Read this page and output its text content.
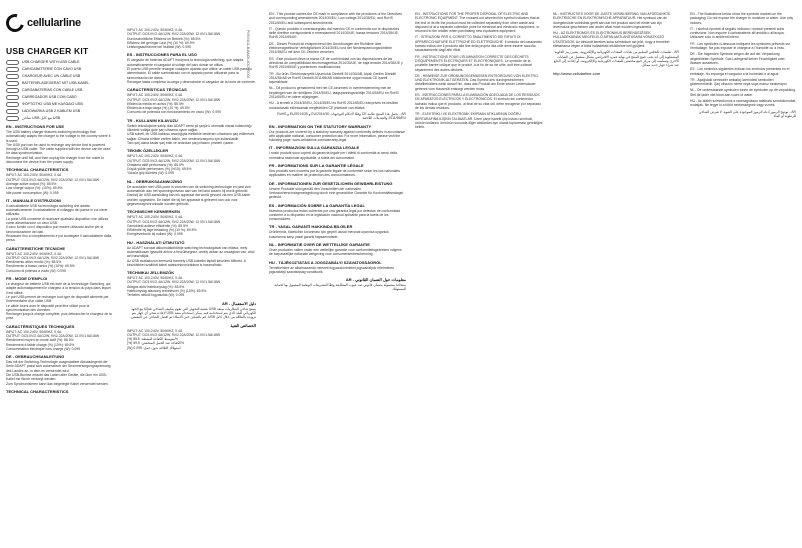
cellularline
USB CHARGER KIT
USB CHARGER WITH USB CABLE
CARICABATTERIE CON CAVO USB
CHARGEUR AVEC UN CÂBLE USB
BATTERIELADEGERÄT MIT USB-KABEL
CARGABATERÍAS CON CABLE USB
CARREGADOR USB COM CABO
ΦΟΡΤΙΣΤΗΣ USB ΜΕ ΚΑΛΩΔΙΟ USB
ŁADOWARKA USB Z KABLEM USB
شاحن USB مع كابل USB
EN - INSTRUCTIONS FOR USE

The USB battery charger features switching technology that automatically adapts the charger to the voltage in the country where it is used.
The USB port can be used to recharge any device that is powered through a USB cable. The cable supplied with the device can be used for data synchronization.
Recharge until full, and then unplug the charger from the outlet to disconnect the device from the power supply.

TECHNICAL CHARACTERISTICS

INPUT: AC 100-240V, 50/60HZ, 0.4A
OUTPUT: DC5.0V/2.4A/12W, 9V/2.22A/20W, 12.0V/1.5A/18W
Average active output (%): 85.5%
Low charge output (%): (10%): 69.5%
Idle power consumption (W): 0.095

IT - MANUALE D'ISTRUZIONI

Il caricabatterie USB ha tecnologia switching che adatta automaticamente il caricabatterie al voltaggio del paese in cui viene utilizzato.
La porta USB consente di ricaricare qualsiasi dispositivo che utilizza come alimentazione un cavo USB.
Il cavo fornito con il dispositivo può essere utilizzato anche per la sincronizzazione dei dati.
Ricaricare fino a completamento e poi scollegare il caricabatterie dalla presa.

CARATTERISTICHE TECNICHE

INPUT: AC 100-240V, 50/60HZ, 0.4A
OUTPUT: DC5.0V/2.4A/12W, 9V/2.22A/20W, 12.0V/1.5A/18W
Rendimento attivo medio (%): 85.5%
Rendimento a basso carico (%) (10%): 69.5%
Consumo di potenza a vuoto (W): 0.095

FR - MODE D'EMPLOI

Le chargeur de batterie USB est doté de la technologie Switching, qui adapte automatiquement le chargeur à la tension du pays dans lequel il est utilisé.
Le port USB permet de recharger tout type de dispositif alimenté par l'intermédiaire d'un câble USB.
Le câble fourni avec le dispositif peut être utilisé pour la synchronisation des données.
Recharger jusqu'à charge complète, puis débrancher le chargeur de la prise.

CARACTÉRISTIQUES TECHNIQUES

INPUT: AC 100-240V, 50/60HZ, 0.4A
OUTPUT: DC5.0V/2.4A/12W, 9V/2.22A/20W, 12.0V/1.5A/18W
Rendement moyen en mode actif (%): 85.5%
Rendement à faible charge (%) (10%): 69.5%
Consommation électrique hors charge (W): 0.095

DE - GEBRAUCHSANLEITUNG

Das mit der Switching-Technologie ausgestattete Akkuladegerät der Serie ADAPT passt sich automatisch der Stromversorgungsspannung des Landes an, in dem es verwendet wird.
Die USB-Buchse erlaubt das Laden aller Geräte, die über ein USB-Kabel mit Strom versorgt werden.
Zum Synchronisieren kann das beigelegte Kabel verwendet werden.

TECHNICAL CHARACTERISTICS
P0900U11-B-BACK-60C/3/0008

INPUT: AC 100-240V, 50/60HZ, 0.4A
OUTPUT: DC5.0V/2.4A/12W, 9V/2.22A/20W, 12.0V/1.5A/18W
Durchschnittliche Effizienz im Betrieb (%): 85.5%
Effizienz bei geringer Last (%) (10 %): 69.5%
Leistungsaufnahme bei Nulllast (W): 0.095

ES - INSTRUCCIONES PARA EL USO

El cargador de baterías ADAPT incorpora la tecnología switching, que adapta automáticamente el cargador al voltaje del país donde se utiliza.
El puerto USB permite recargar cualquier aparato que utilice un cable USB para su alimentación. El cable suministrado con el aparato puede utilizarse para la sincronización de datos.
Recargar hasta completar la carga y desenchufar el cargador de la toma de corriente.

CARACTERÍSTICAS TÉCNICAS

INPUT: AC 100-240V, 50/60HZ, 0.4A
OUTPUT: DC5.0V/2.4A/12W, 9V/2.22A/20W, 12.0V/1.5A/18W
Eficiencia media en activo (%): 85.5%
Eficiencia a baja carga (%) (10 %): 69.5%
Consumo de potencia con funcionamiento en vacío (W): 0.095

TR - KULLANIM KILAVUZU

Switch teknolojisine sahip olan ADAPT serisi pil şarjörü, otomatik olarak kullanıldığı ülkedeki voltaja göre şarj cihazına uyum sağlar.
USB soketi, bir USB kablosu aracılığıyla elektrikle beslenen cihazların şarj edilmesini sağlar. Cihazla birlikte verilen kablo, veri senkronizasyonu için kullanılabilir.
Tam şarj olana kadar şarj edin ve ardından şarj cihazını prizden çıkarın.

TEKNİK ÖZELLİKLER

INPUT: AC 100-240V, 50/60HZ, 0.4A
OUTPUT: DC5.0V/2.4A/12W, 9V/2.22A/20W, 12.0V/1.5A/18W
Ortalama aktif performans (%): 85.5%
Düşük yükte performans (%) (%10): 69.5%
Yüksüz güç tüketimi (W): 0.095

NL - GEBRUIKSAANWIJZING

De acculader met USB-poort is voorzien van de switching-technologie en past zich automatisch aan het spanningsniveau aan van het land waarin hij wordt gebruikt.
Dankzij de USB-aansluiting kan elk apparaat dat wordt gevoed via een USB-kabel worden opgeladen. De kabel die bij het apparaat is geleverd kan ook voor gegevenssynchronisatie worden gebruikt.

TECHNISCHE KENMERKEN

INPUT: AC 100-240V, 50/60HZ, 0.4A
OUTPUT: DC5.0V/2.4A/12W, 9V/2.22A/20W, 12.0V/1.5A/18W
Gemiddeld actieve efficiëntie (%): 85.5%
Efficiëntie bij lage belasting (%) (10 %): 69.5%
Energieverbruik bij nullast (W): 0.095

HU - HASZNÁLATI ÚTMUTATÓ

Az ADAPT sorozat akkumulátortöltője switching technológiával van ellátva, mely automatikusan igazodik ahhoz a feszültséghez, amely abban az országban van, ahol azt használják.
Az USB csatlakozón keresztül bármely USB-kábellel táplált készülék tölthető. A készülékkel szállított kábel adatszinkronizálásra is használható.

TECHNIKAI JELLEMZŐK

INPUT: AC 100-240V, 50/60HZ, 0.4A
OUTPUT: DC5.0V/2.4A/12W, 9V/2.22A/20W, 12.0V/1.5A/18W
Átlagos aktív hatékonyság (%): 85.5%
Hatékonyság alacsony terhelésnél (%) (10%): 69.5%
Terhelés nélküli fogyasztás (W): 0.095

AR - دليل الاستعمال

يتمتع شاحن البطاريات بمنفذ USB بتقنية التحويل التي تقوم بتكييف الشاحن تلقائيًا مع الجهد الكهربائي للبلد الذي يتم استخدامه فيه. يمكن استخدام منفذ USB لإعادة شحن أي جهاز يتم تزويده بالطاقة من خلال كابل USB. قم بالشحن حتى الامتلاء ثم افصل الشاحن عن المقبس.

الخصائص الفنية

INPUT: AC 100-240V, 50/60HZ, 0.4A
OUTPUT: DC5.0V/2.4A/12W, 9V/2.22A/20W, 12.0V/1.5A/18W
(%) متوسط الكفاءة النشطة: 85.5%
(%) الكفاءة عند الحمل المنخفض: 69.5%
(W) استهلاك الطاقة بدون حمل: 0.095

EN - This product carries the CE mark in compliance with the provisions of the Directives and corresponding amendments 2014/30/EU, Low voltage 2014/35/EU, and RoHS 2011/65/EU and subsequent amendments.

IT - Questo prodotto è contrassegnato dal marchio CE in conformità con le disposizioni delle direttive corrispondenti e emendamenti 2014/30/UE, bassa tensione 2014/35/UE, RoHS 2011/65/UE.

DE - Dieses Produkt ist entsprechend den Anordnungen der Richtlinie über elektromagnetische Verträglichkeit 2014/30/EU und der Niederspannungsrichtlinie 2014/35/EU mit dem CE-Zeichen versehen.

ES - Este producto lleva la marca CE de conformidad con las disposiciones de las directivas de compatibilidad electromagnética 2014/30/UE, de baja tensión 2014/35/UE y RoHS 2011/65/UE y posteriores modificaciones.

TR - Bu ürün, Elektromanyetik Uyumluluk Direktifi 2014/30/AB, Alçak Gerilim Direktifi 2014/35/AB ve RoHS Direktifi 2011/65/AB hükümlerine uygun olarak CE işareti taşımaktadır.

NL - Dit product is gemarkeerd met het CE-keurmerk in overeenstemming met de bepalingen van de richtlijnen 2014/30/EU, laagspanningsrichtlijn 2014/35/EU en RoHS 2011/65/EU en latere wijzigingen.

HU - A termék a 2014/30/EU, 2014/35/EU és RoHS 2011/65/EU irányelvek és későbbi módosításaik előírásainak megfelelően CE jelzéssel van ellátva.

AR - يحمل هذا المنتج علامة CE وفقًا لأحكام التوجيهات 2014/30/EU و 2014/35/EU و RoHS 2011/65/EU والتعديلات اللاحقة.

EN - INFORMATION ON THE STATUTORY WARRANTY

Our products are covered by a statutory warranty against conformity defects in accordance with applicable national, consumer protection law. For more information, please visit the following page: www.cellularline.com/warranty-legal

IT - INFORMAZIONI SULLA GARANZIA LEGALE

I nostri prodotti sono coperti da garanzia legale per i difetti di conformità ai sensi della normativa nazionale applicabile, a tutela dei consumatori.

FR - INFORMATIONS SUR LA GARANTIE LÉGALE

Nos produits sont couverts par la garantie légale de conformité selon les lois nationales applicables en matière de protection des consommateurs.

DE - INFORMATIONEN ZUR GESETZLICHEN GEWÄHRLEISTUNG

Unsere Produkte sind gemäß den Vorschriften der nationalen Verbraucherschutzgesetzgebung durch eine gesetzliche Garantie für Konformitätsmängel gedeckt.

ES - INFORMACIÓN SOBRE LA GARANTÍA LEGAL

Nuestros productos están cubiertos por una garantía legal por defectos de conformidad conforme a lo dispuesto en la legislación nacional aplicable para la tutela de los consumidores.

TR - YASAL GARANTİ HAKKINDA BİLGİLER

Ürünlerimiz, tüketicinin korunması için geçerli ulusal mevzuat uyarınca uygunluk kusurlarına karşı yasal garanti kapsamındadır.

NL - INFORMATIE OVER DE WETTELIJKE GARANTIE

Onze producten vallen onder een wettelijke garantie voor conformiteitsgebreken volgens de toepasselijke nationale wetgeving voor consumentenbescherming.

HU - TÁJÉKOZTATÁS A JOGSZABÁLYI SZAVATOSSÁGRÓL

Termékeinkre az alkalmazandó nemzeti fogyasztóvédelmi jogszabályok értelmében jogszabályi szavatosság vonatkozik.

AR - معلومات حول الضمان القانوني

منتجاتنا مشمولة بضمان قانوني ضد عيوب المطابقة وفقًا للتشريعات الوطنية المعمول بها لحماية المستهلك.

EN - INSTRUCTIONS FOR THE PROPER DISPOSAL OF ELECTRIC AND ELECTRONIC EQUIPMENT. The crossed-out wheeled bin symbol indicates that at the end of its life the product must be collected separately from other waste and disposed of at a separate collection point for electrical and electronic equipment, or returned to the retailer when purchasing new equivalent equipment.

IT - ISTRUZIONI PER IL CORRETTO SMALTIMENTO DEI RIFIUTI DI APPARECCHIATURE ELETTRICHE ED ELETTRONICHE. Il simbolo del cassonetto barrato indica che il prodotto alla fine della propria vita utile deve essere raccolto separatamente dagli altri rifiuti.

FR - INSTRUCTIONS POUR L'ÉLIMINATION CORRECTE DES DÉCHETS D'ÉQUIPEMENTS ÉLECTRIQUES ET ÉLECTRONIQUES. Le symbole de la poubelle barrée indique que le produit, à la fin de sa vie utile, doit être collecté séparément des autres déchets.

DE - HINWEISE ZUR ORDNUNGSGEMÄSSEN ENTSORGUNG VON ELEKTRO- UND ELEKTRONIK-ALTGERÄTEN. Das Symbol des durchgestrichenen Abfallbehälters weist darauf hin, dass das Produkt am Ende seiner Lebensdauer getrennt vom Hausmüll entsorgt werden muss.

ES - INSTRUCCIONES PARA LA ELIMINACIÓN ADECUADA DE LOS RESIDUOS DE APARATOS ELÉCTRICOS Y ELECTRÓNICOS. El símbolo del contenedor tachado indica que el producto, al final de su vida útil, debe recogerse por separado de los demás residuos.

TR - ELEKTRİKLİ VE ELEKTRONİK EKİPMAN ATIKLARININ DOĞRU BERTARAFINA İLİŞKİN TALİMATLAR. Üzeri çarpı işaretli çöp kutusu sembolü, ürünün kullanım ömrünün sonunda diğer atıklardan ayrı olarak toplanması gerektiğini belirtir.

NL - INSTRUCTIES VOOR DE JUISTE VERWIJDERING VAN AFGEDANKTE ELEKTRISCHE EN ELEKTRONISCHE APPARATUUR. Het symbool van de doorgekruiste vuilnisbak geeft aan dat het product aan het einde van zijn levensduur gescheiden van ander afval moet worden ingezameld.

HU - AZ ELEKTROMOS ÉS ELEKTRONIKUS BERENDEZÉSEK HULLADÉKAINAK MEGFELELŐ ÁRTALMATLANÍTÁSÁRA VONATKOZÓ UTASÍTÁSOK. Az áthúzott kerekes kuka szimbólum azt jelzi, hogy a terméket élettartama végén a többi hulladéktól elkülönítve kell gyűjteni.

AR - تعليمات للتخلص السليم من نفايات المعدات الكهربائية والإلكترونية. يشير رمز الحاوية المشطوبة إلى أنه يجب جمع المنتج في نهاية عمره الافتراضي بشكل منفصل عن النفايات الأخرى وتسليمه إلى مركز جمع مخصص للمعدات الكهربائية والإلكترونية، أو إعادته إلى البائع عند شراء جهاز جديد مماثل.

http://www.cellularline.com

EN - The illustrations below show the symbols marked on the packaging. Do not expose the charger to moisture or water. Use only indoors.

IT - I simboli riportati di seguito indicano i simboli presenti sulla confezione. Non esporre il caricabatterie all'umidità o all'acqua. Utilizzare solo in ambienti interni.

FR - Les symboles ci-dessous indiquent les symboles présents sur l'emballage. Ne pas exposer le chargeur à l'humidité ou à l'eau.

DE - Die folgenden Symbole zeigen die auf der Verpackung abgebildeten Symbole. Das Ladegerät keiner Feuchtigkeit oder Wasser aussetzen.

ES - Los símbolos siguientes indican los símbolos presentes en el embalaje. No exponga el cargador a la humedad o al agua.

TR - Aşağıdaki semboller ambalaj üzerindeki sembolleri göstermektedir. Şarj cihazını neme veya suya maruz bırakmayın.

NL - De onderstaande symbolen tonen de symbolen op de verpakking. Stel de lader niet bloot aan vocht of water.

HU - Az alábbi szimbólumok a csomagoláson található szimbólumokat mutatják. Ne tegye ki a töltőt nedvességnek vagy víznek.

AR - توضح الرموز أدناه الرموز الموجودة على العبوة. لا تعرض الشاحن للرطوبة أو الماء.
